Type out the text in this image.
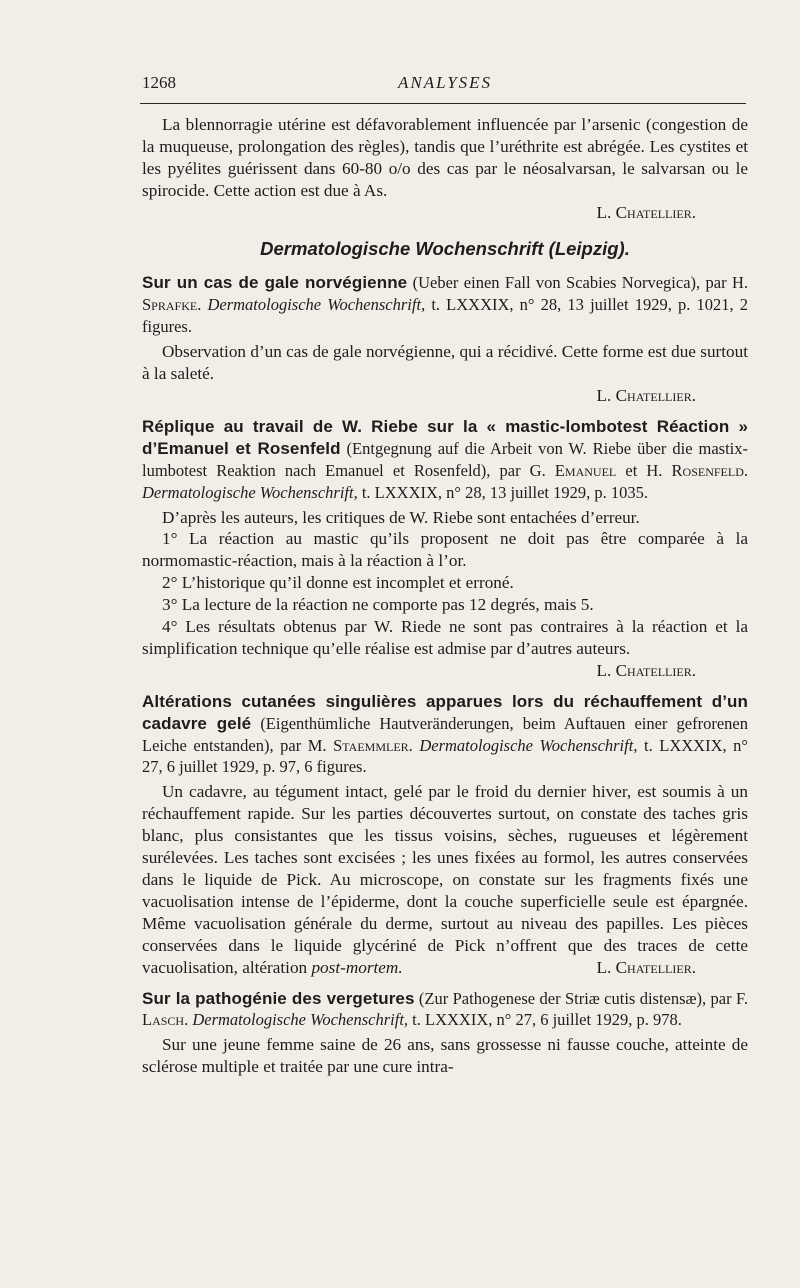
1268	ANALYSES

La blennorragie utérine est défavorablement influencée par l’arsenic (congestion de la muqueuse, prolongation des règles), tandis que l’uréthrite est abrégée. Les cystites et les pyélites guérissent dans 60-80 o/o des cas par le néosalvarsan, le salvarsan ou le spirocide. Cette action est due à As.

L. Chatellier.
Dermatologische Wochenschrift (Leipzig).
Sur un cas de gale norvégienne (Ueber einen Fall von Scabies Norvegica), par H. Sprafke. Dermatologische Wochenschrift, t. LXXXIX, n° 28, 13 juillet 1929, p. 1021, 2 figures.

Observation d’un cas de gale norvégienne, qui a récidivé. Cette forme est due surtout à la saleté.

L. Chatellier.
Réplique au travail de W. Riebe sur la « mastic-lombotest Réaction » d’Emanuel et Rosenfeld (Entgegnung auf die Arbeit von W. Riebe über die mastix-lumbotest Reaktion nach Emanuel et Rosenfeld), par G. Emanuel et H. Rosenfeld. Dermatologische Wochenschrift, t. LXXXIX, n° 28, 13 juillet 1929, p. 1035.

D’après les auteurs, les critiques de W. Riebe sont entachées d’erreur.

1° La réaction au mastic qu’ils proposent ne doit pas être comparée à la normomastic-réaction, mais à la réaction à l’or.

2° L’historique qu’il donne est incomplet et erroné.

3° La lecture de la réaction ne comporte pas 12 degrés, mais 5.

4° Les résultats obtenus par W. Riede ne sont pas contraires à la réaction et la simplification technique qu’elle réalise est admise par d’autres auteurs.

L. Chatellier.
Altérations cutanées singulières apparues lors du réchauffement d’un cadavre gelé (Eigenthümliche Hautveränderungen, beim Auftauen einer gefrorenen Leiche entstanden), par M. Staemmler. Dermatologische Wochenschrift, t. LXXXIX, n° 27, 6 juillet 1929, p. 97, 6 figures.

Un cadavre, au tégument intact, gelé par le froid du dernier hiver, est soumis à un réchauffement rapide. Sur les parties découvertes surtout, on constate des taches gris blanc, plus consistantes que les tissus voisins, sèches, rugueuses et légèrement surélevées. Les taches sont excisées ; les unes fixées au formol, les autres conservées dans le liquide de Pick. Au microscope, on constate sur les fragments fixés une vacuolisation intense de l’épiderme, dont la couche superficielle seule est épargnée. Même vacuolisation générale du derme, surtout au niveau des papilles. Les pièces conservées dans le liquide glycériné de Pick n’offrent que des traces de cette vacuolisation, altération post-mortem.	L. Chatellier.

Sur la pathogénie des vergetures (Zur Pathogenese der Striæ cutis distensæ), par F. Lasch. Dermatologische Wochenschrift, t. LXXXIX, n° 27, 6 juillet 1929, p. 978.

Sur une jeune femme saine de 26 ans, sans grossesse ni fausse couche, atteinte de sclérose multiple et traitée par une cure intra-
